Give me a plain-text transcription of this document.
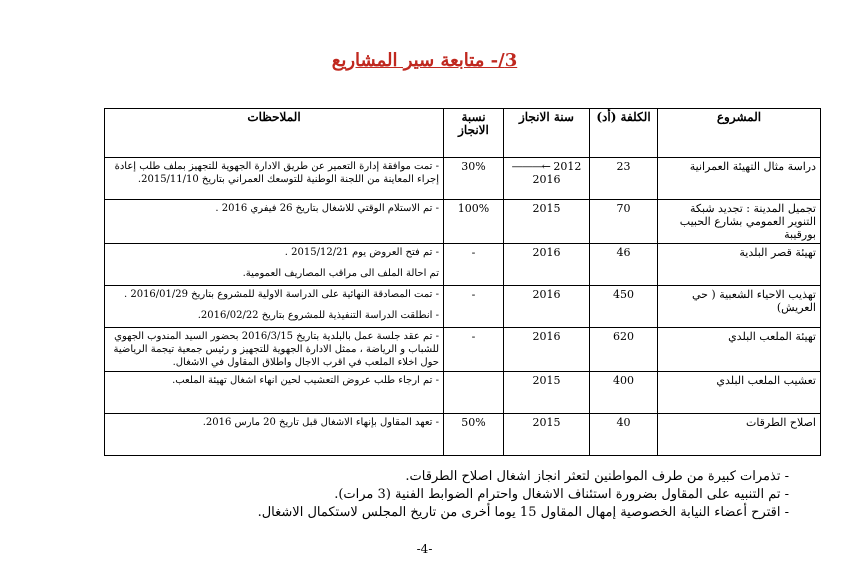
3/- متابعة سير المشاريع
المشروع	الكلفة (أد)	سنة الانجاز	نسبة الانجاز	الملاحظات
دراسة مثال التهيئة العمرانية	23	2012 ←——— 2016	30%	- تمت موافقة إدارة التعمير عن طريق الادارة الجهوية للتجهيز بملف طلب إعادة إجراء المعاينة من اللجنة الوطنية للتوسعك العمراني بتاريخ 2015/11/10.
تجميل المدينة : تجديد شبكة التنوير العمومي بشارع الحبيب بورقيبة	70	2015	100%	- تم الاستلام الوقتي للاشغال بتاريخ 26 فيفري 2016 .
تهيئة قصر البلدية	46	2016	-	- تم فتح العروض يوم 2015/12/21 .
تم احالة الملف الى مراقب المصاريف العمومية.

تهذيب الاحياء الشعبية ( حي العريش)	450	2016	-	- تمت المصادقة النهائية على الدراسة الاولية للمشروع بتاريخ 2016/01/29 .
- انطلقت الدراسة التنفيذية للمشروع بتاريخ 2016/02/22.

تهيئة الملعب البلدي	620	2016	-	- تم عقد جلسة عمل بالبلدية بتاريخ 2016/3/15 بحضور السيد المندوب الجهوي للشباب و الرياضة ، ممثل الادارة الجهوية للتجهيز و رئيس جمعية تيجمة الرياضية حول اخلاء الملعب في اقرب الاجال واطلاق المقاول في الاشغال.
تعشيب الملعب البلدي	400	2015		- تم ارجاء طلب عروض التعشيب لحين انهاء اشغال تهيئة الملعب.
اصلاح الطرقات	40	2015	50%	- تعهد المقاول بإنهاء الاشغال قبل تاريخ 20 مارس 2016.
- تذمرات كبيرة من طرف المواطنين لتعثر انجاز اشغال اصلاح الطرقات.
- تم التنبيه على المقاول بضرورة استئناف الاشغال واحترام الضوابط الفنية (3 مرات).
- اقترح أعضاء النيابة الخصوصية إمهال المقاول 15 يوما أخرى من تاريخ المجلس لاستكمال الاشغال.
-4-
